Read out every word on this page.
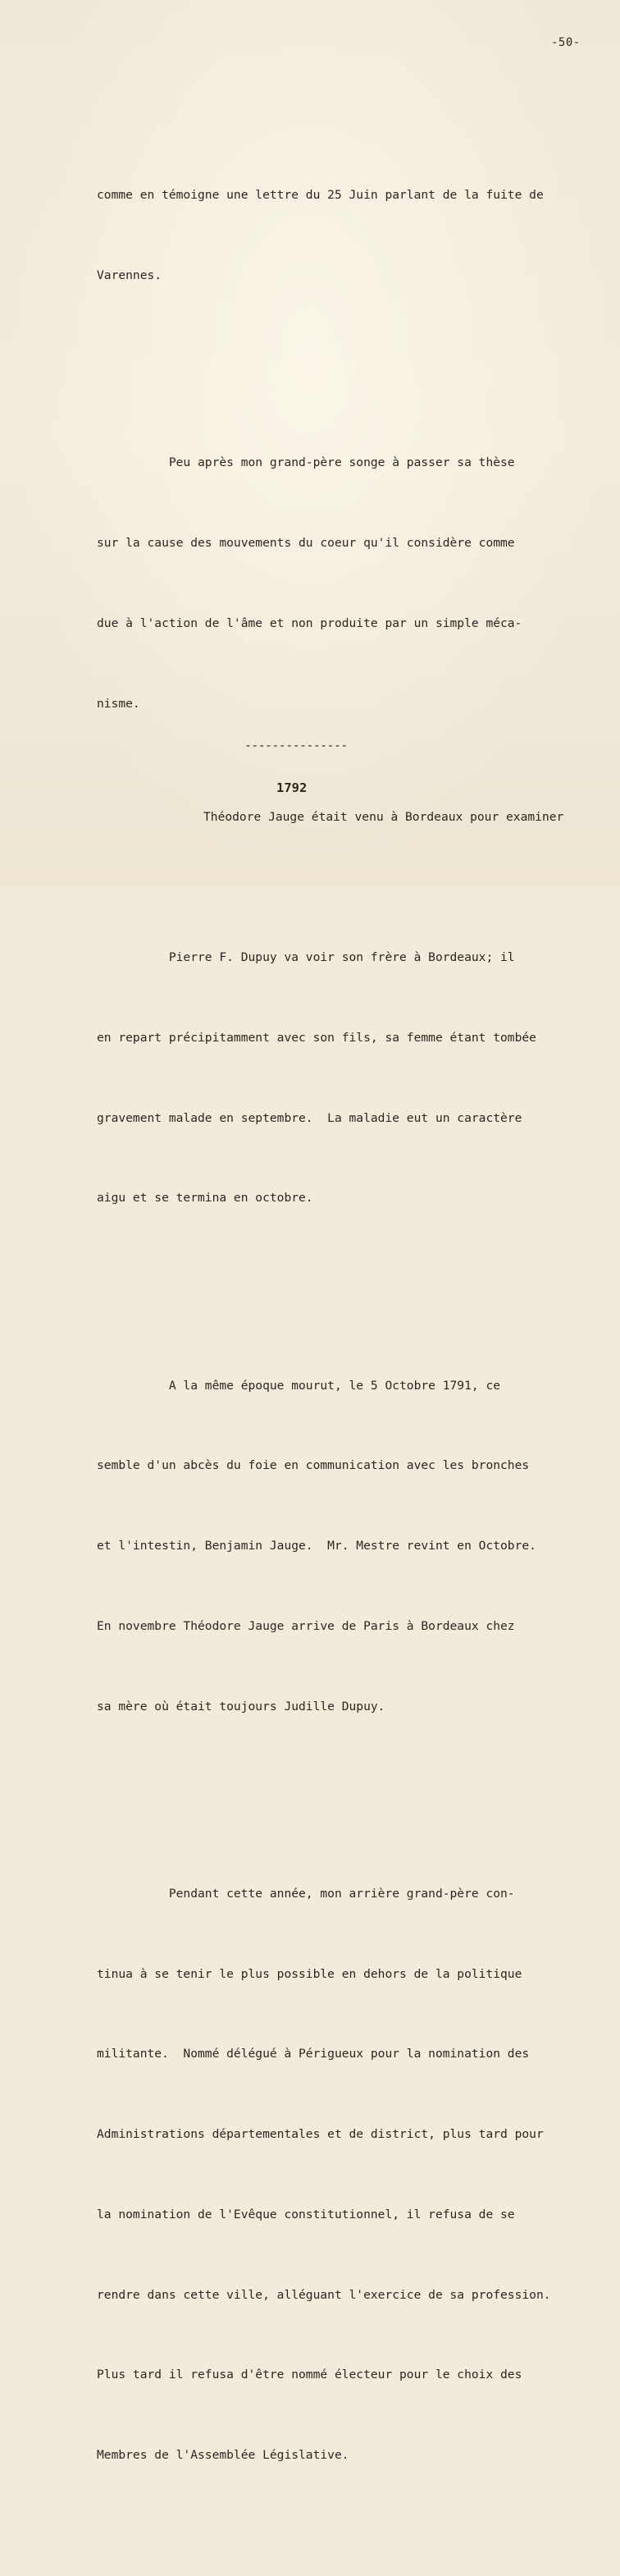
-50-

comme en témoigne une lettre du 25 Juin parlant de la fuite de

Varennes.

Peu après mon grand-père songe à passer sa thèse

sur la cause des mouvements du coeur qu'il considère comme

due à l'action de l'âme et non produite par un simple méca-

nisme.

Pierre F. Dupuy va voir son frère à Bordeaux; il

en repart précipitamment avec son fils, sa femme étant tombée

gravement malade en septembre.  La maladie eut un caractère

aigu et se termina en octobre.

A la même époque mourut, le 5 Octobre 1791, ce

semble d'un abcès du foie en communication avec les bronches

et l'intestin, Benjamin Jauge.  Mr. Mestre revint en Octobre.

En novembre Théodore Jauge arrive de Paris à Bordeaux chez

sa mère où était toujours Judille Dupuy.

Pendant cette année, mon arrière grand-père con-

tinua à se tenir le plus possible en dehors de la politique

militante.  Nommé délégué à Périgueux pour la nomination des

Administrations départementales et de district, plus tard pour

la nomination de l'Evêque constitutionnel, il refusa de se

rendre dans cette ville, alléguant l'exercice de sa profession.

Plus tard il refusa d'être nommé électeur pour le choix des

Membres de l'Assemblée Législative.

---------------
1792
Théodore Jauge était venu à Bordeaux pour examiner
